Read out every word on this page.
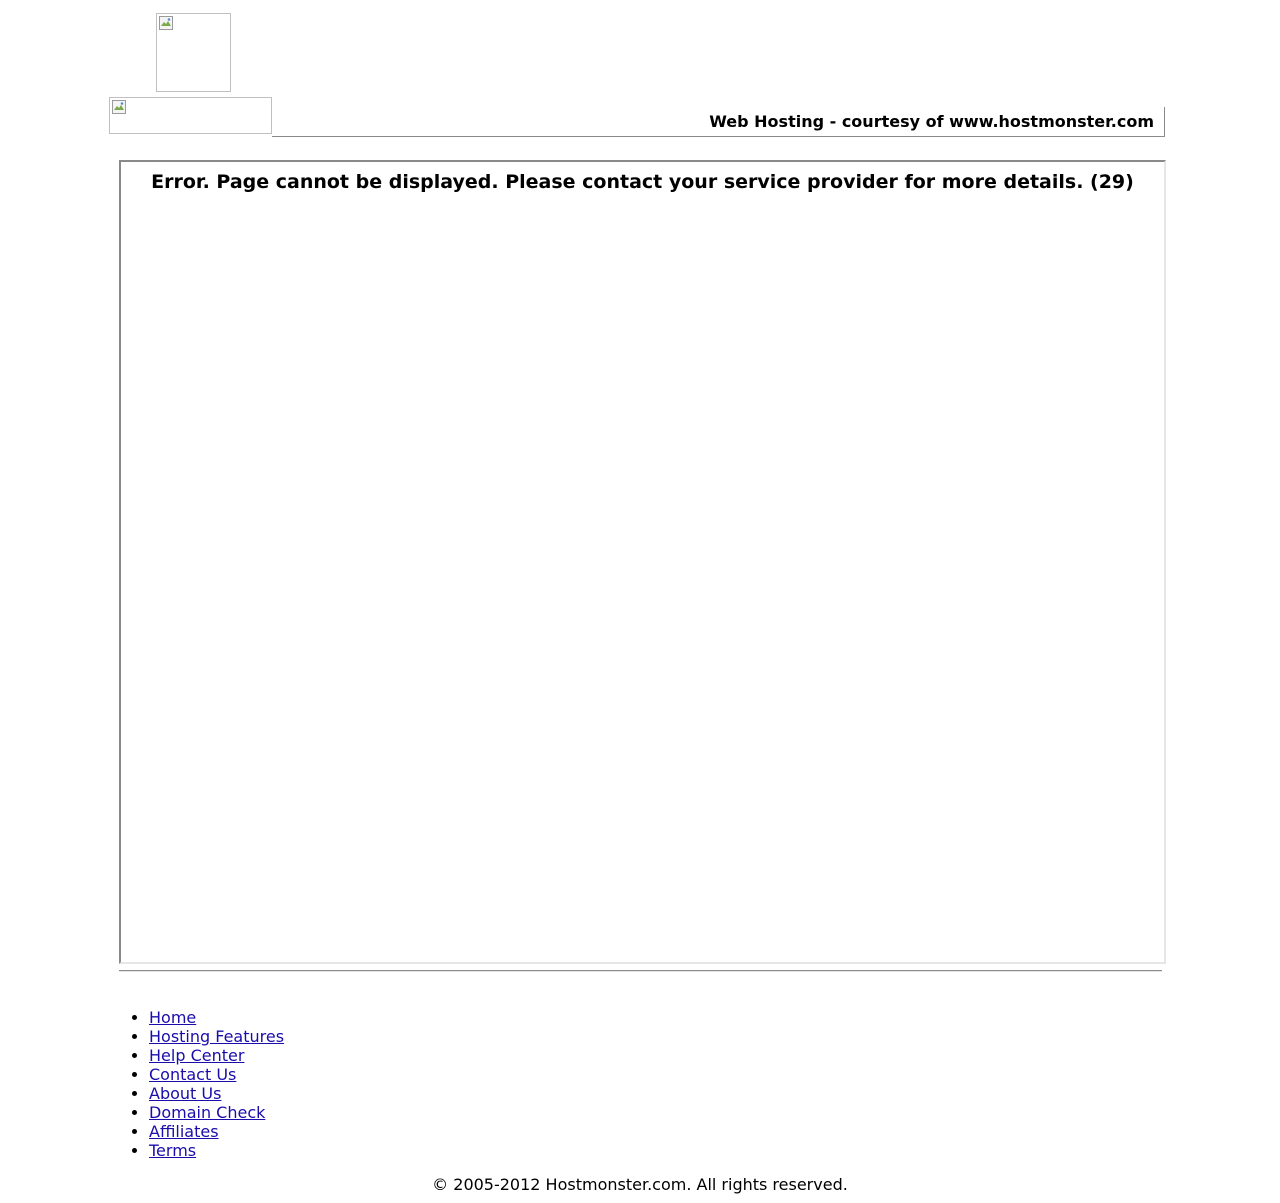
Web Hosting - courtesy of www.hostmonster.com
Error. Page cannot be displayed. Please contact your service provider for more details. (29)
• Home
• Hosting Features
• Help Center
• Contact Us
• About Us
• Domain Check
• Affiliates
• Terms
© 2005-2012 Hostmonster.com. All rights reserved.
